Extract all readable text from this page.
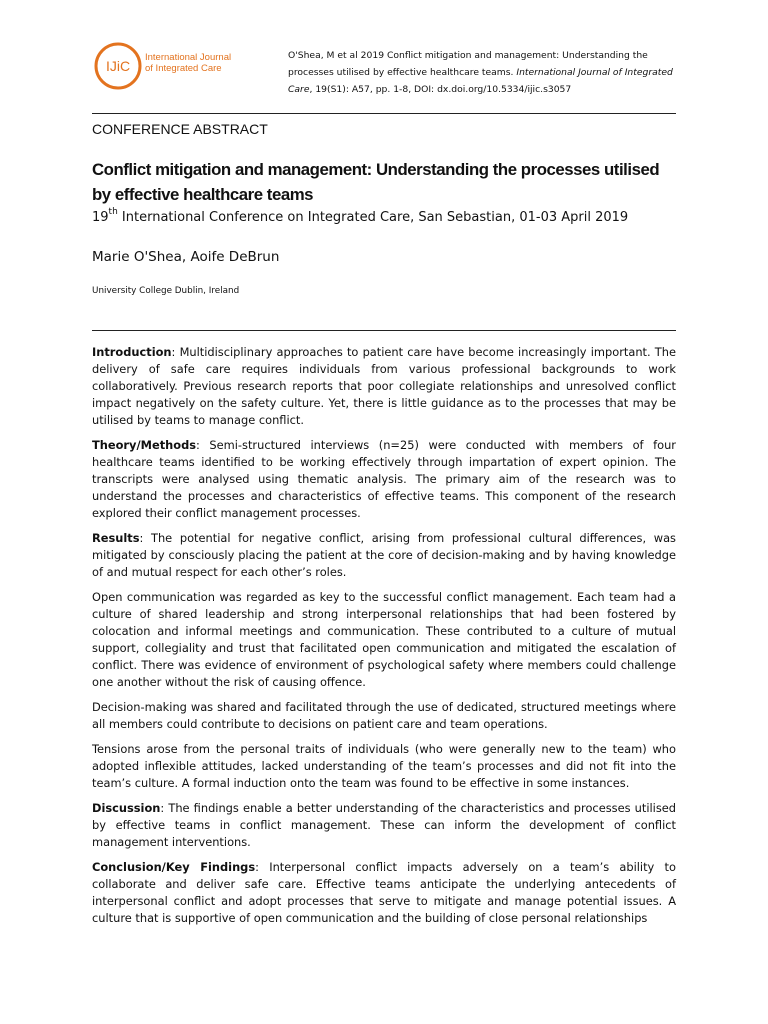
IJiC
International Journal
of Integrated Care
O'Shea, M et al 2019 Conflict mitigation and management: Understanding the processes utilised by effective healthcare teams. International Journal of Integrated Care, 19(S1): A57, pp. 1-8, DOI: dx.doi.org/10.5334/ijic.s3057
CONFERENCE ABSTRACT
Conflict mitigation and management: Understanding the processes utilised by effective healthcare teams
19th International Conference on Integrated Care, San Sebastian, 01-03 April 2019
Marie O'Shea, Aoife DeBrun
University College Dublin, Ireland

Introduction: Multidisciplinary approaches to patient care have become increasingly important. The delivery of safe care requires individuals from various professional backgrounds to work collaboratively. Previous research reports that poor collegiate relationships and unresolved conflict impact negatively on the safety culture. Yet, there is little guidance as to the processes that may be utilised by teams to manage conflict.

Theory/Methods: Semi-structured interviews (n=25) were conducted with members of four healthcare teams identified to be working effectively through impartation of expert opinion. The transcripts were analysed using thematic analysis. The primary aim of the research was to understand the processes and characteristics of effective teams. This component of the research explored their conflict management processes.

Results: The potential for negative conflict, arising from professional cultural differences, was mitigated by consciously placing the patient at the core of decision-making and by having knowledge of and mutual respect for each other’s roles.

Open communication was regarded as key to the successful conflict management. Each team had a culture of shared leadership and strong interpersonal relationships that had been fostered by colocation and informal meetings and communication. These contributed to a culture of mutual support, collegiality and trust that facilitated open communication and mitigated the escalation of conflict. There was evidence of environment of psychological safety where members could challenge one another without the risk of causing offence.

Decision-making was shared and facilitated through the use of dedicated, structured meetings where all members could contribute to decisions on patient care and team operations.

Tensions arose from the personal traits of individuals (who were generally new to the team) who adopted inflexible attitudes, lacked understanding of the team’s processes and did not fit into the team’s culture. A formal induction onto the team was found to be effective in some instances.

Discussion: The findings enable a better understanding of the characteristics and processes utilised by effective teams in conflict management. These can inform the development of conflict management interventions.

Conclusion/Key Findings: Interpersonal conflict impacts adversely on a team’s ability to collaborate and deliver safe care. Effective teams anticipate the underlying antecedents of interpersonal conflict and adopt processes that serve to mitigate and manage potential issues. A culture that is supportive of open communication and the building of close personal relationships
